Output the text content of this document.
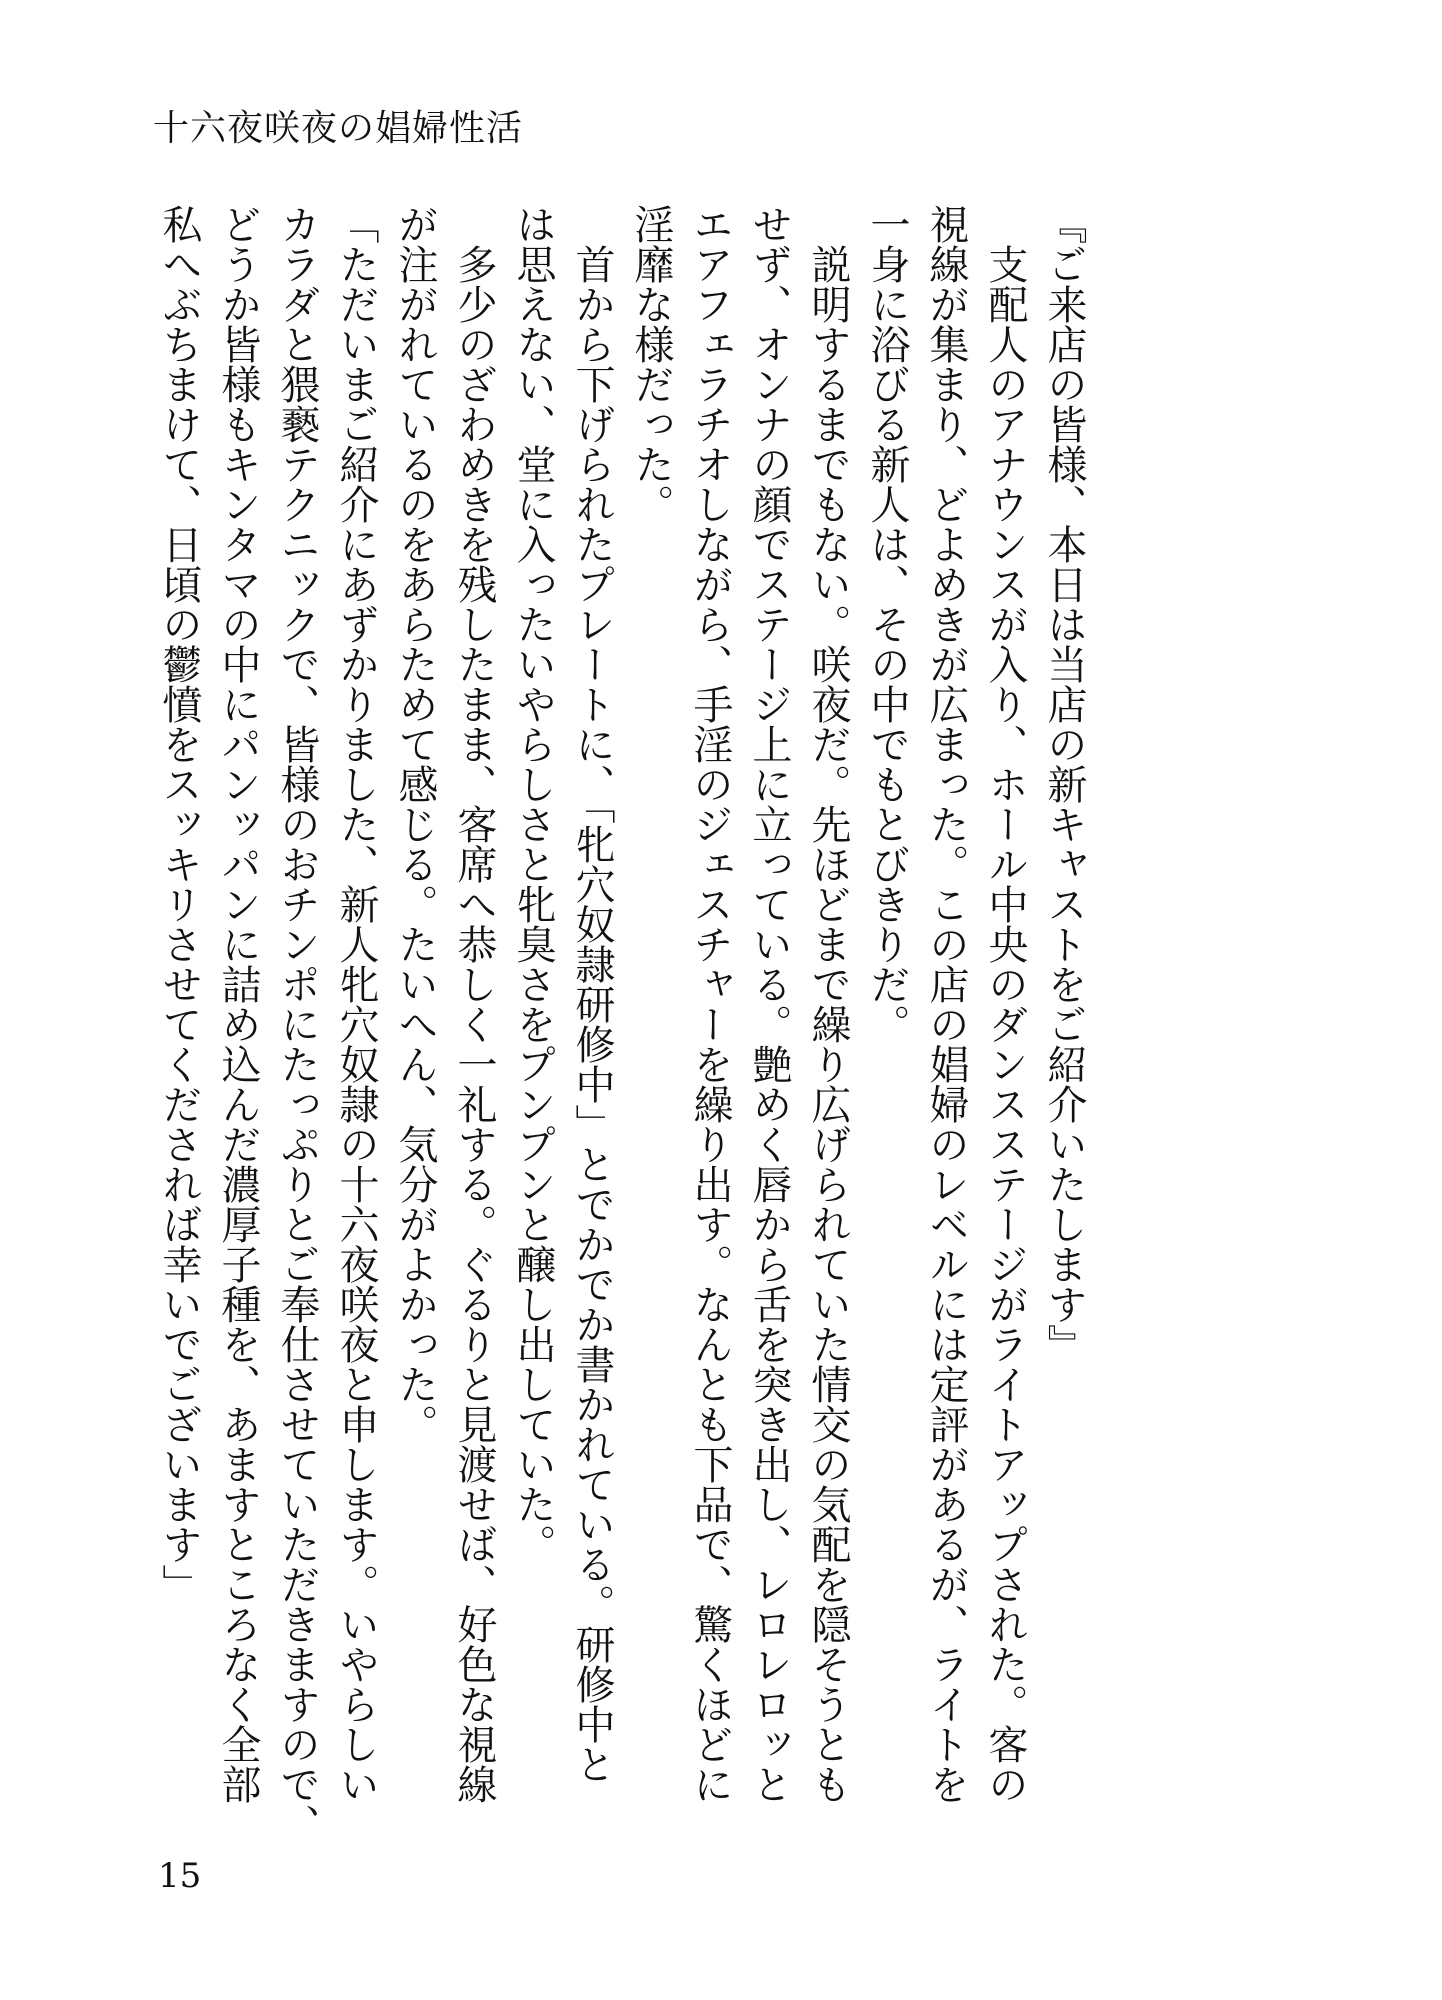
十六夜咲夜の娼婦性活
『ご来店の皆様、本日は当店の新キャストをご紹介いたします』
　支配人のアナウンスが入り、ホール中央のダンスステージがライトアップされた。客の
視線が集まり、どよめきが広まった。この店の娼婦のレベルには定評があるが、ライトを
一身に浴びる新人は、その中でもとびきりだ。
　説明するまでもない。咲夜だ。先ほどまで繰り広げられていた情交の気配を隠そうとも
せず、オンナの顔でステージ上に立っている。艶めく唇から舌を突き出し、レロレロッと
エアフェラチオしながら、手淫のジェスチャーを繰り出す。なんとも下品で、驚くほどに
淫靡な様だった。
　首から下げられたプレートに、「牝穴奴隷研修中」とでかでか書かれている。研修中と
は思えない、堂に入ったいやらしさと牝臭さをプンプンと醸し出していた。
　多少のざわめきを残したまま、客席へ恭しく一礼する。ぐるりと見渡せば、好色な視線
が注がれているのをあらためて感じる。たいへん、気分がよかった。
「ただいまご紹介にあずかりました、新人牝穴奴隷の十六夜咲夜と申します。いやらしい
カラダと猥褻テクニックで、皆様のおチンポにたっぷりとご奉仕させていただきますので、
どうか皆様もキンタマの中にパンッパンに詰め込んだ濃厚子種を、あますところなく全部
私へぶちまけて、日頃の鬱憤をスッキリさせてくだされば幸いでございます」
15
